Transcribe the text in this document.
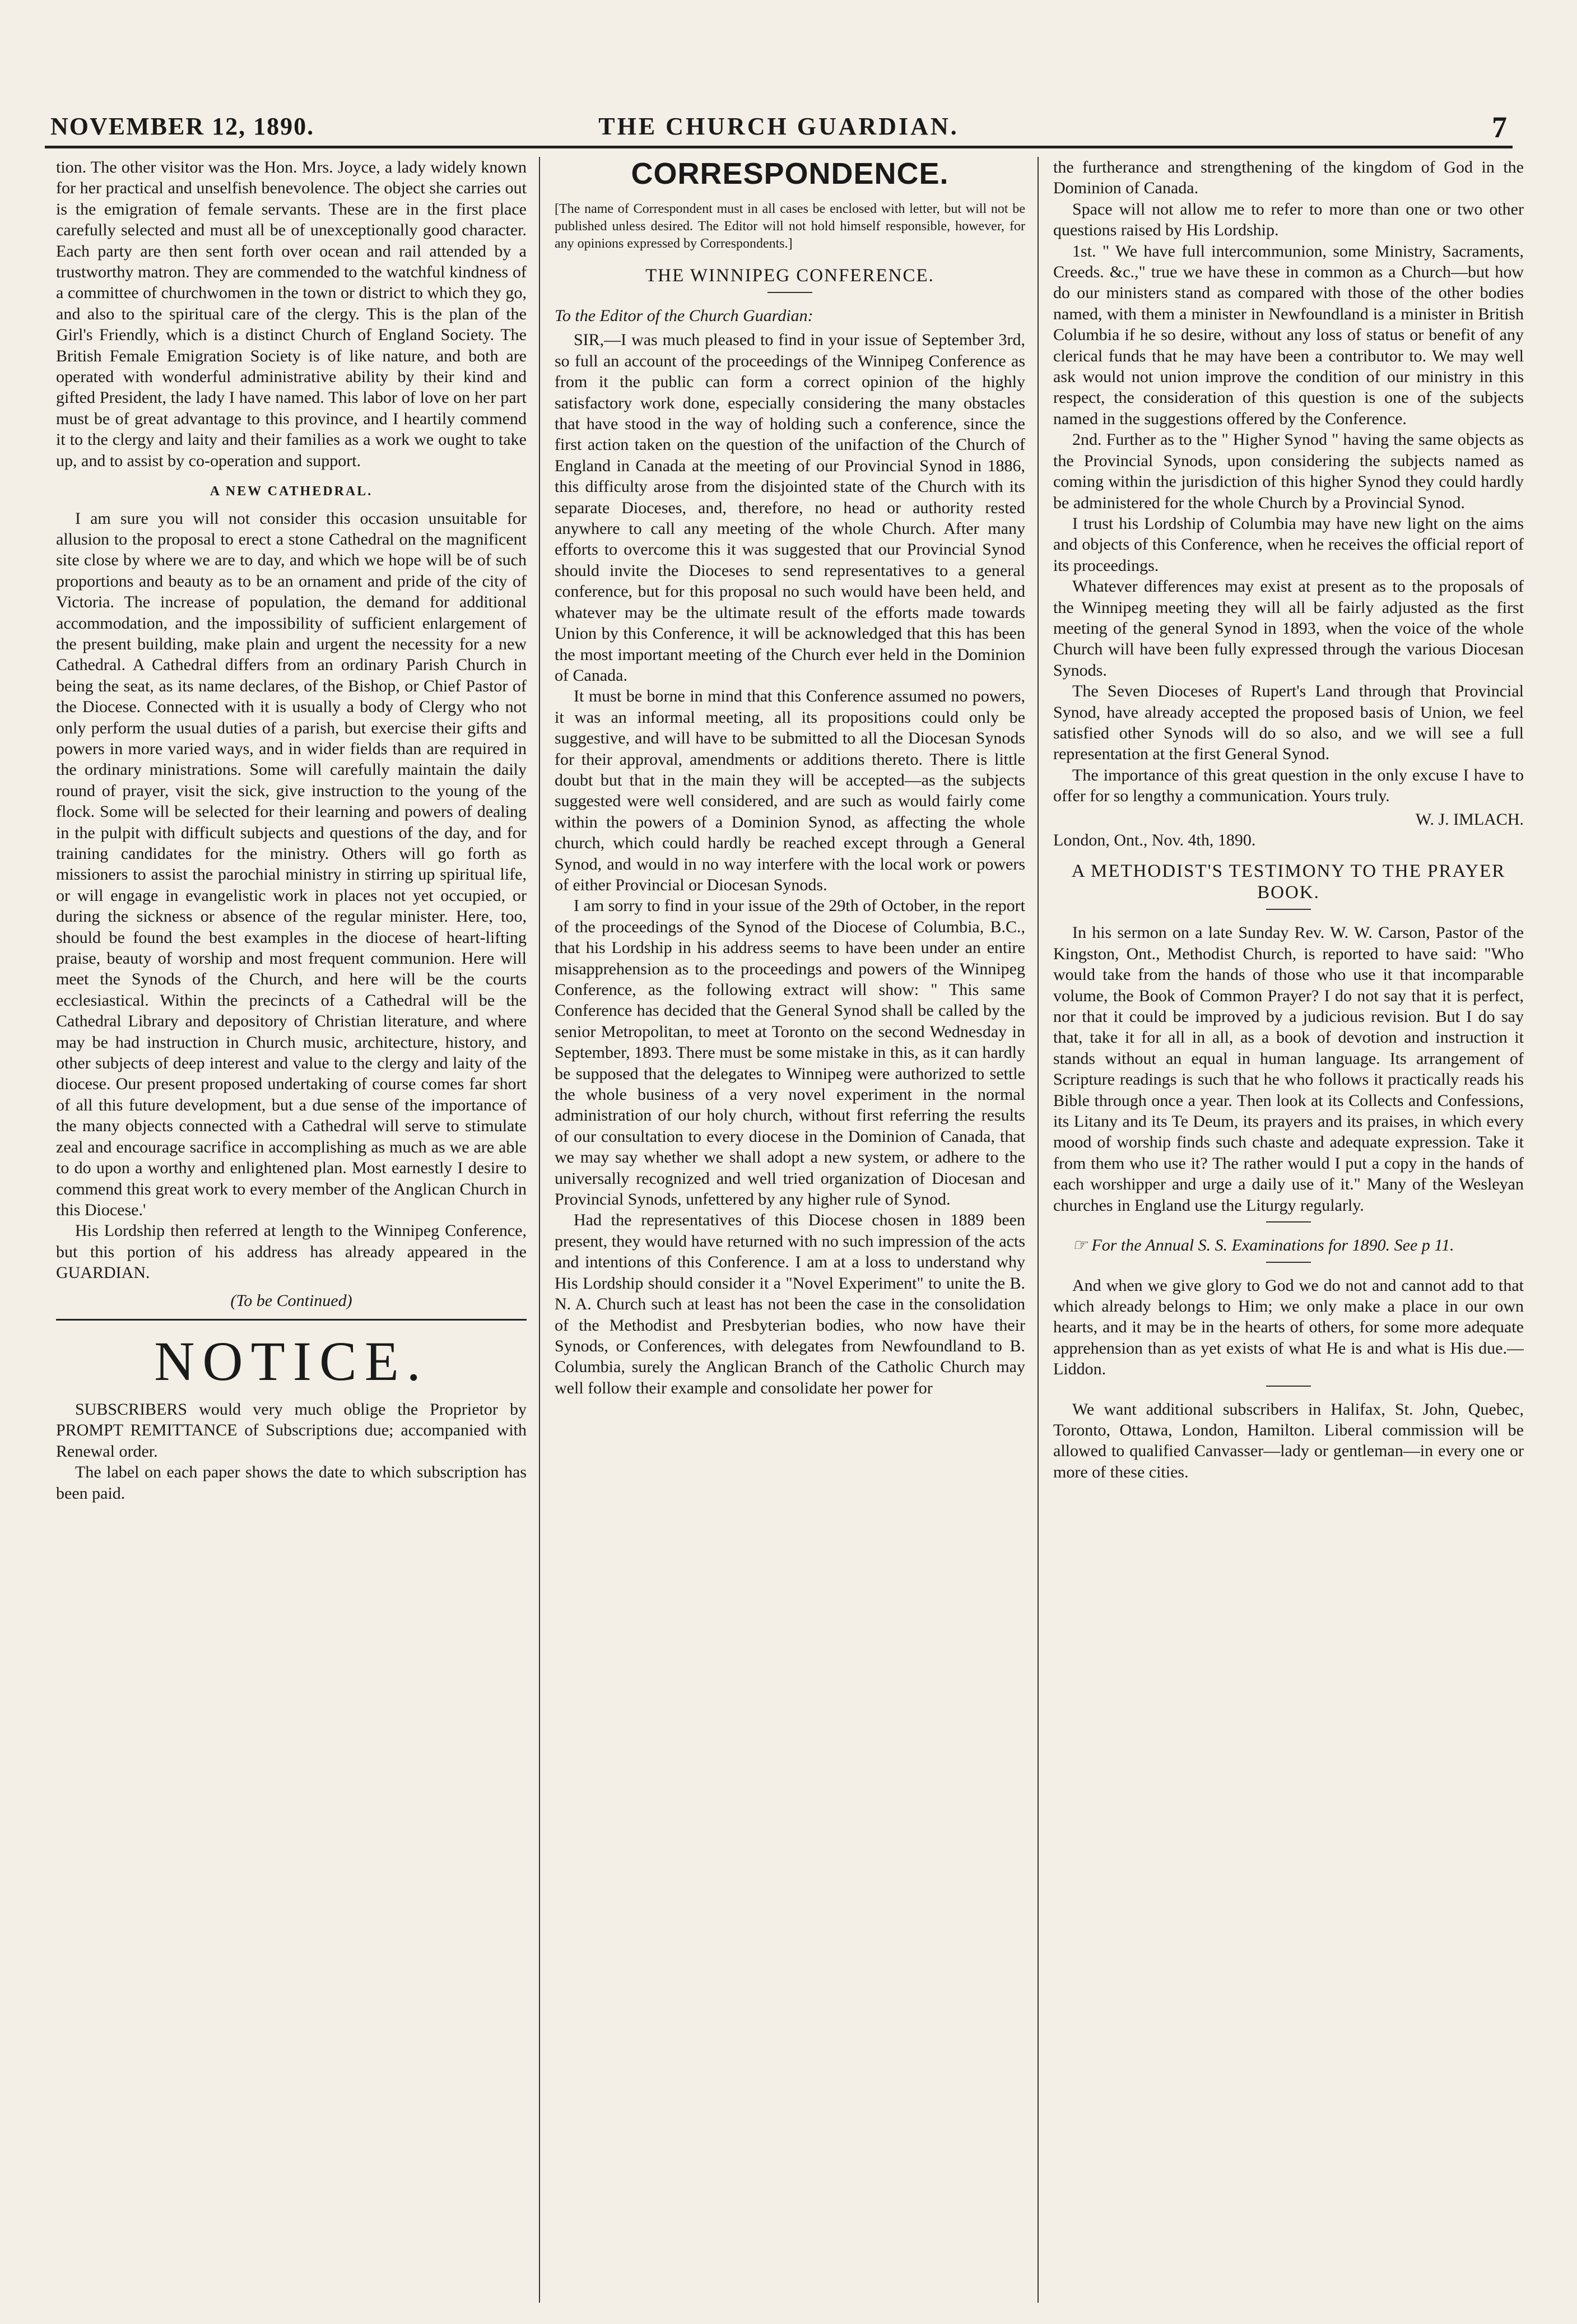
NOVEMBER 12, 1890.	THE CHURCH GUARDIAN.	7

tion. The other visitor was the Hon. Mrs. Joyce, a lady widely known for her practical and unselfish benevolence. The object she carries out is the emigration of female servants. These are in the first place carefully selected and must all be of unexceptionally good character. Each party are then sent forth over ocean and rail attended by a trustworthy matron. They are commended to the watchful kindness of a committee of churchwomen in the town or district to which they go, and also to the spiritual care of the clergy. This is the plan of the Girl's Friendly, which is a distinct Church of England Society. The British Female Emigration Society is of like nature, and both are operated with wonderful administrative ability by their kind and gifted President, the lady I have named. This labor of love on her part must be of great advantage to this province, and I heartily commend it to the clergy and laity and their families as a work we ought to take up, and to assist by co-operation and support.

A NEW CATHEDRAL.

I am sure you will not consider this occasion unsuitable for allusion to the proposal to erect a stone Cathedral on the magnificent site close by where we are to day, and which we hope will be of such proportions and beauty as to be an ornament and pride of the city of Victoria. The increase of population, the demand for additional accommodation, and the impossibility of sufficient enlargement of the present building, make plain and urgent the necessity for a new Cathedral. A Cathedral differs from an ordinary Parish Church in being the seat, as its name declares, of the Bishop, or Chief Pastor of the Diocese. Connected with it is usually a body of Clergy who not only perform the usual duties of a parish, but exercise their gifts and powers in more varied ways, and in wider fields than are required in the ordinary ministrations. Some will carefully maintain the daily round of prayer, visit the sick, give instruction to the young of the flock. Some will be selected for their learning and powers of dealing in the pulpit with difficult subjects and questions of the day, and for training candidates for the ministry. Others will go forth as missioners to assist the parochial ministry in stirring up spiritual life, or will engage in evangelistic work in places not yet occupied, or during the sickness or absence of the regular minister. Here, too, should be found the best examples in the diocese of heart-lifting praise, beauty of worship and most frequent communion. Here will meet the Synods of the Church, and here will be the courts ecclesiastical. Within the precincts of a Cathedral will be the Cathedral Library and depository of Christian literature, and where may be had instruction in Church music, architecture, history, and other subjects of deep interest and value to the clergy and laity of the diocese. Our present proposed undertaking of course comes far short of all this future development, but a due sense of the importance of the many objects connected with a Cathedral will serve to stimulate zeal and encourage sacrifice in accomplishing as much as we are able to do upon a worthy and enlightened plan. Most earnestly I desire to commend this great work to every member of the Anglican Church in this Diocese.'

His Lordship then referred at length to the Winnipeg Conference, but this portion of his address has already appeared in the GUARDIAN.

(To be Continued)
NOTICE.

SUBSCRIBERS would very much oblige the Proprietor by PROMPT REMITTANCE of Subscriptions due; accompanied with Renewal order.

The label on each paper shows the date to which subscription has been paid.

CORRESPONDENCE.

[The name of Correspondent must in all cases be enclosed with letter, but will not be published unless desired. The Editor will not hold himself responsible, however, for any opinions expressed by Correspondents.]

THE WINNIPEG CONFERENCE.
To the Editor of the Church Guardian:

SIR,—I was much pleased to find in your issue of September 3rd, so full an account of the proceedings of the Winnipeg Conference as from it the public can form a correct opinion of the highly satisfactory work done, especially considering the many obstacles that have stood in the way of holding such a conference, since the first action taken on the question of the unifaction of the Church of England in Canada at the meeting of our Provincial Synod in 1886, this difficulty arose from the disjointed state of the Church with its separate Dioceses, and, therefore, no head or authority rested anywhere to call any meeting of the whole Church. After many efforts to overcome this it was suggested that our Provincial Synod should invite the Dioceses to send representatives to a general conference, but for this proposal no such would have been held, and whatever may be the ultimate result of the efforts made towards Union by this Conference, it will be acknowledged that this has been the most important meeting of the Church ever held in the Dominion of Canada.

It must be borne in mind that this Conference assumed no powers, it was an informal meeting, all its propositions could only be suggestive, and will have to be submitted to all the Diocesan Synods for their approval, amendments or additions thereto. There is little doubt but that in the main they will be accepted—as the subjects suggested were well considered, and are such as would fairly come within the powers of a Dominion Synod, as affecting the whole church, which could hardly be reached except through a General Synod, and would in no way interfere with the local work or powers of either Provincial or Diocesan Synods.

I am sorry to find in your issue of the 29th of October, in the report of the proceedings of the Synod of the Diocese of Columbia, B.C., that his Lordship in his address seems to have been under an entire misapprehension as to the proceedings and powers of the Winnipeg Conference, as the following extract will show: " This same Conference has decided that the General Synod shall be called by the senior Metropolitan, to meet at Toronto on the second Wednesday in September, 1893. There must be some mistake in this, as it can hardly be supposed that the delegates to Winnipeg were authorized to settle the whole business of a very novel experiment in the normal administration of our holy church, without first referring the results of our consultation to every diocese in the Dominion of Canada, that we may say whether we shall adopt a new system, or adhere to the universally recognized and well tried organization of Diocesan and Provincial Synods, unfettered by any higher rule of Synod.

Had the representatives of this Diocese chosen in 1889 been present, they would have returned with no such impression of the acts and intentions of this Conference. I am at a loss to understand why His Lordship should consider it a "Novel Experiment" to unite the B. N. A. Church such at least has not been the case in the consolidation of the Methodist and Presbyterian bodies, who now have their Synods, or Conferences, with delegates from Newfoundland to B. Columbia, surely the Anglican Branch of the Catholic Church may well follow their example and consolidate her power for

the furtherance and strengthening of the kingdom of God in the Dominion of Canada.

Space will not allow me to refer to more than one or two other questions raised by His Lordship.

1st. " We have full intercommunion, some Ministry, Sacraments, Creeds. &c.," true we have these in common as a Church—but how do our ministers stand as compared with those of the other bodies named, with them a minister in Newfoundland is a minister in British Columbia if he so desire, without any loss of status or benefit of any clerical funds that he may have been a contributor to. We may well ask would not union improve the condition of our ministry in this respect, the consideration of this question is one of the subjects named in the suggestions offered by the Conference.

2nd. Further as to the " Higher Synod " having the same objects as the Provincial Synods, upon considering the subjects named as coming within the jurisdiction of this higher Synod they could hardly be administered for the whole Church by a Provincial Synod.

I trust his Lordship of Columbia may have new light on the aims and objects of this Conference, when he receives the official report of its proceedings.

Whatever differences may exist at present as to the proposals of the Winnipeg meeting they will all be fairly adjusted as the first meeting of the general Synod in 1893, when the voice of the whole Church will have been fully expressed through the various Diocesan Synods.

The Seven Dioceses of Rupert's Land through that Provincial Synod, have already accepted the proposed basis of Union, we feel satisfied other Synods will do so also, and we will see a full representation at the first General Synod.

The importance of this great question in the only excuse I have to offer for so lengthy a communication. Yours truly.

W. J. IMLACH.
London, Ont., Nov. 4th, 1890.
A METHODIST'S TESTIMONY TO THE PRAYER BOOK.

In his sermon on a late Sunday Rev. W. W. Carson, Pastor of the Kingston, Ont., Methodist Church, is reported to have said: "Who would take from the hands of those who use it that incomparable volume, the Book of Common Prayer? I do not say that it is perfect, nor that it could be improved by a judicious revision. But I do say that, take it for all in all, as a book of devotion and instruction it stands without an equal in human language. Its arrangement of Scripture readings is such that he who follows it practically reads his Bible through once a year. Then look at its Collects and Confessions, its Litany and its Te Deum, its prayers and its praises, in which every mood of worship finds such chaste and adequate expression. Take it from them who use it? The rather would I put a copy in the hands of each worshipper and urge a daily use of it." Many of the Wesleyan churches in England use the Liturgy regularly.

☞ For the Annual S. S. Examinations for 1890. See p 11.

And when we give glory to God we do not and cannot add to that which already belongs to Him; we only make a place in our own hearts, and it may be in the hearts of others, for some more adequate apprehension than as yet exists of what He is and what is His due.—Liddon.

We want additional subscribers in Halifax, St. John, Quebec, Toronto, Ottawa, London, Hamilton. Liberal commission will be allowed to qualified Canvasser—lady or gentleman—in every one or more of these cities.
